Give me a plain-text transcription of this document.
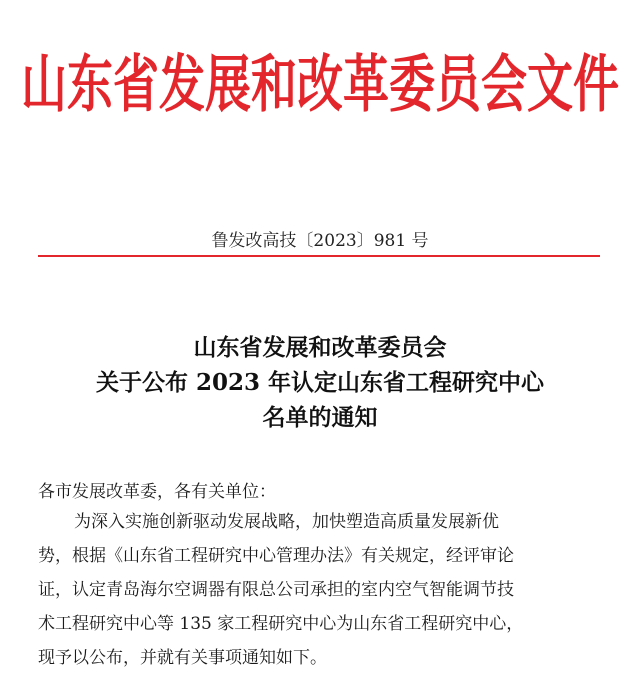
山东省发展和改革委员会文件
鲁发改高技〔2023〕981 号
山东省发展和改革委员会
关于公布 2023 年认定山东省工程研究中心
名单的通知
各市发展改革委，各有关单位：
为深入实施创新驱动发展战略，加快塑造高质量发展新优
势，根据《山东省工程研究中心管理办法》有关规定，经评审论
证，认定青岛海尔空调器有限总公司承担的室内空气智能调节技
术工程研究中心等 135 家工程研究中心为山东省工程研究中心，
现予以公布，并就有关事项通知如下。
